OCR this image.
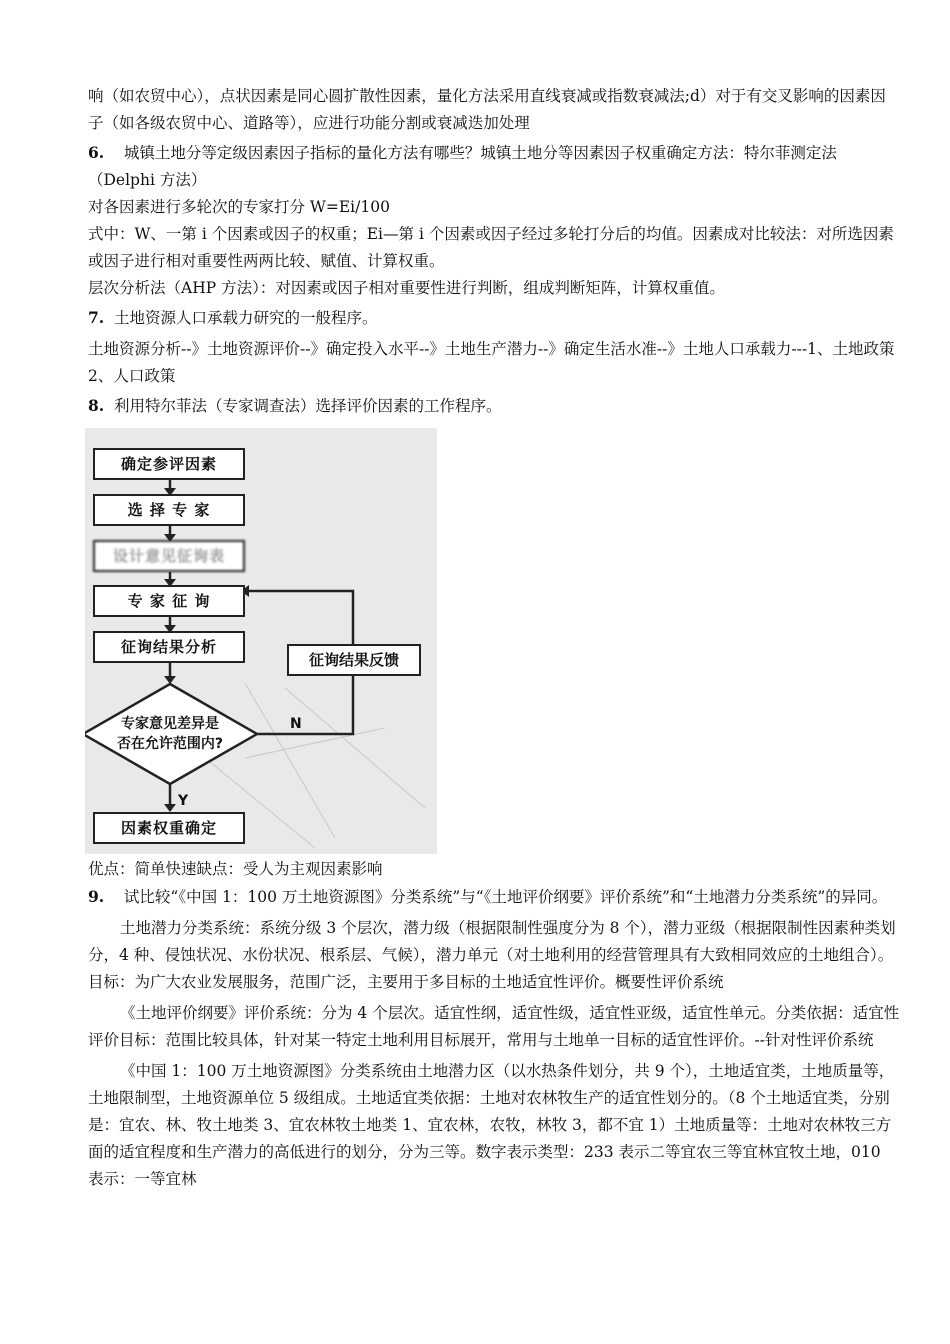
响（如农贸中心），点状因素是同心圆扩散性因素，量化方法采用直线衰减或指数衰减法;d）对于有交叉影响的因素因子（如各级农贸中心、道路等），应进行功能分割或衰减迭加处理

6. 城镇土地分等定级因素因子指标的量化方法有哪些？城镇土地分等因素因子权重确定方法：特尔菲测定法（Delphi 方法）

对各因素进行多轮次的专家打分 W=Ei/100

式中：W、一第 i 个因素或因子的权重；Ei—第 i 个因素或因子经过多轮打分后的均值。因素成对比较法：对所选因素或因子进行相对重要性两两比较、赋值、计算权重。

层次分析法（AHP 方法）：对因素或因子相对重要性进行判断，组成判断矩阵，计算权重值。

7. 土地资源人口承载力研究的一般程序。

土地资源分析--》土地资源评价--》确定投入水平--》土地生产潜力--》确定生活水准--》土地人口承载力---1、土地政策 2、人口政策

8. 利用特尔菲法（专家调查法）选择评价因素的工作程序。

确定参评因素
选 择 专 家
设计意见征询表
专 家 征 询
征询结果分析
专家意见差异是否在允许范围内?
征询结果反馈
N
Y
因素权重确定

优点：简单快速缺点：受人为主观因素影响

9. 试比较“《中国 1：100 万土地资源图》分类系统”与“《土地评价纲要》评价系统”和“土地潜力分类系统”的异同。

土地潜力分类系统：系统分级 3 个层次，潜力级（根据限制性强度分为 8 个），潜力亚级（根据限制性因素种类划分，4 种、侵蚀状况、水份状况、根系层、气候），潜力单元（对土地利用的经营管理具有大致相同效应的土地组合）。目标：为广大农业发展服务，范围广泛，主要用于多目标的土地适宜性评价。概要性评价系统

《土地评价纲要》评价系统：分为 4 个层次。适宜性纲，适宜性级，适宜性亚级，适宜性单元。分类依据：适宜性评价目标：范围比较具体，针对某一特定土地利用目标展开，常用与土地单一目标的适宜性评价。--针对性评价系统

《中国 1：100 万土地资源图》分类系统由土地潜力区（以水热条件划分，共 9 个），土地适宜类，土地质量等，土地限制型，土地资源单位 5 级组成。土地适宜类依据：土地对农林牧生产的适宜性划分的。（8 个土地适宜类，分别是：宜农、林、牧土地类 3、宜农林牧土地类 1、宜农林，农牧，林牧 3，都不宜 1）土地质量等：土地对农林牧三方面的适宜程度和生产潜力的高低进行的划分，分为三等。数字表示类型：233 表示二等宜农三等宜林宜牧土地，010 表示：一等宜林
